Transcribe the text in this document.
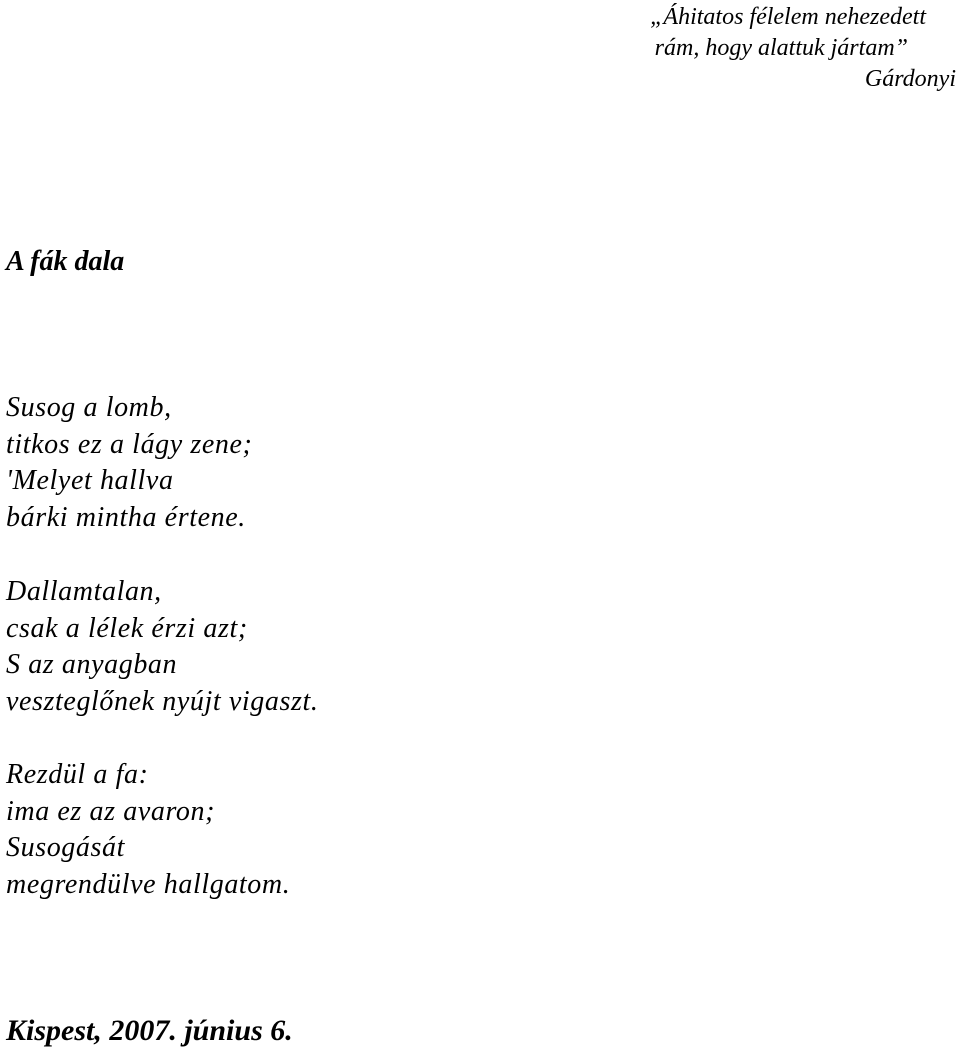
„Áhitatos félelem nehezedett
rám, hogy alattuk jártam”
Gárdonyi
A fák dala

Susog a lomb,
titkos ez a lágy zene;
'Melyet hallva
bárki mintha értene.

Dallamtalan,
csak a lélek érzi azt;
S az anyagban
veszteglőnek nyújt vigaszt.

Rezdül a fa:
ima ez az avaron;
Susogását
megrendülve hallgatom.

Kispest, 2007. június 6.
